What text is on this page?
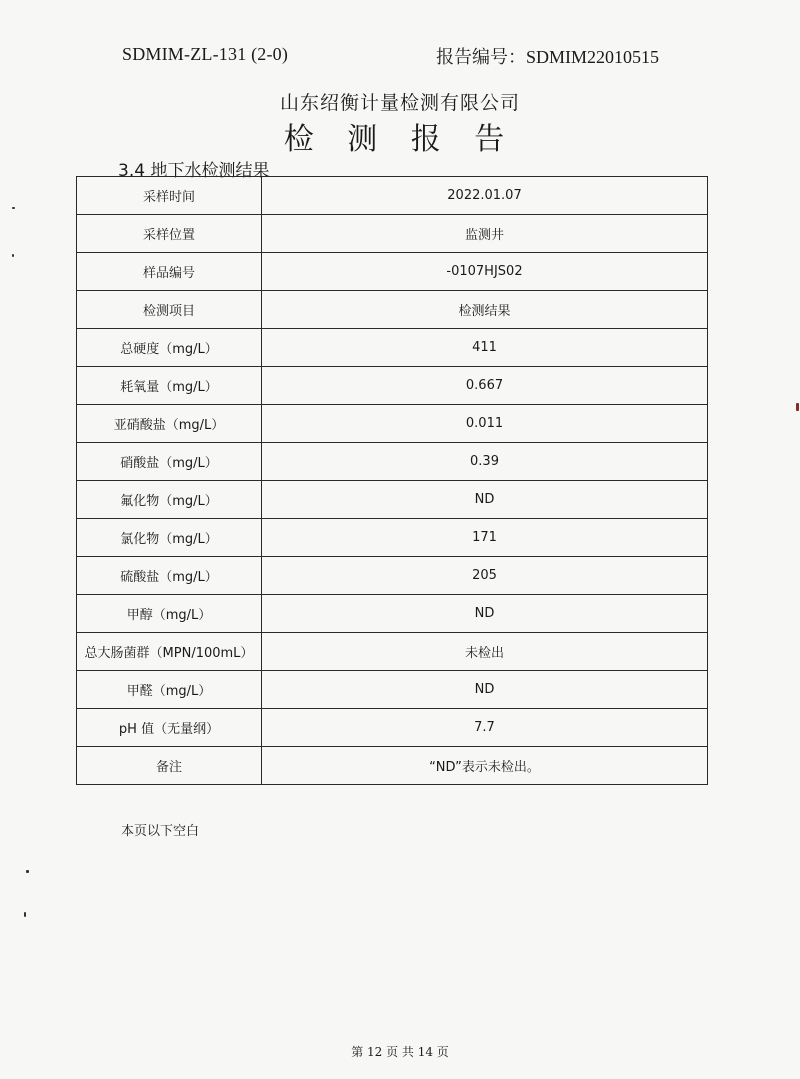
SDMIM-ZL-131 (2-0)	报告编号：SDMIM22010515
山东绍衡计量检测有限公司
检 测 报 告
3.4 地下水检测结果
采样时间	2022.01.07
采样位置	监测井
样品编号	-0107HJS02
检测项目	检测结果
总硬度（mg/L）	411
耗氧量（mg/L）	0.667
亚硝酸盐（mg/L）	0.011
硝酸盐（mg/L）	0.39
氟化物（mg/L）	ND
氯化物（mg/L）	171
硫酸盐（mg/L）	205
甲醇（mg/L）	ND
总大肠菌群（MPN/100mL）	未检出
甲醛（mg/L）	ND
pH 值（无量纲）	7.7
备注	“ND”表示未检出。
本页以下空白
第 12 页 共 14 页
